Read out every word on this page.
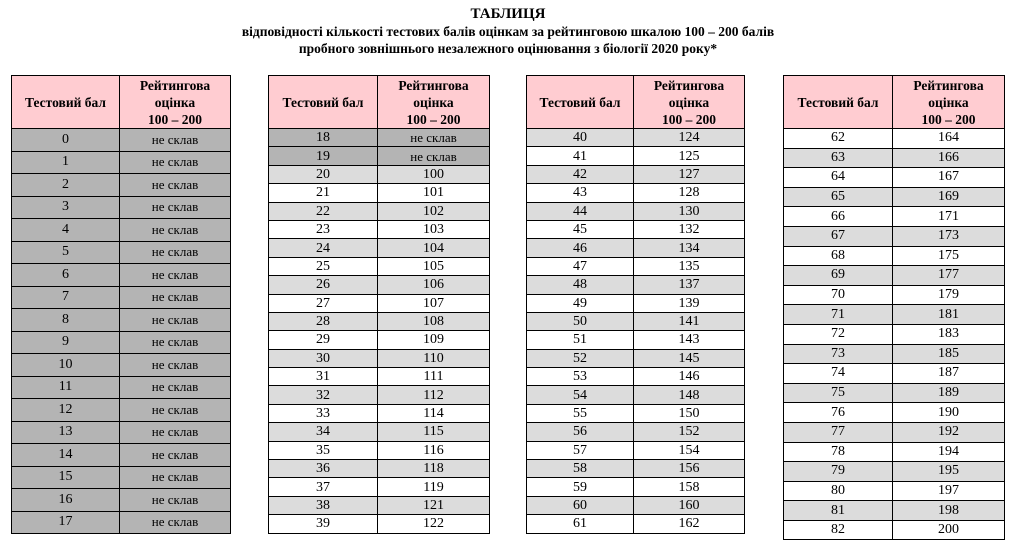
ТАБЛИЦЯ
відповідності кількості тестових балів оцінкам за рейтинговою шкалою 100 – 200 балів
пробного зовнішнього незалежного оцінювання з біології 2020 року*
Тестовий бал	Рейтингова
оцінка
100 – 200

0	не склав
1	не склав
2	не склав
3	не склав
4	не склав
5	не склав
6	не склав
7	не склав
8	не склав
9	не склав
10	не склав
11	не склав
12	не склав
13	не склав
14	не склав
15	не склав
16	не склав
17	не склав
Тестовий бал	Рейтингова
оцінка
100 – 200

18	не склав
19	не склав
20	100
21	101
22	102
23	103
24	104
25	105
26	106
27	107
28	108
29	109
30	110
31	111
32	112
33	114
34	115
35	116
36	118
37	119
38	121
39	122
Тестовий бал	Рейтингова
оцінка
100 – 200

40	124
41	125
42	127
43	128
44	130
45	132
46	134
47	135
48	137
49	139
50	141
51	143
52	145
53	146
54	148
55	150
56	152
57	154
58	156
59	158
60	160
61	162
Тестовий бал	Рейтингова
оцінка
100 – 200

62	164
63	166
64	167
65	169
66	171
67	173
68	175
69	177
70	179
71	181
72	183
73	185
74	187
75	189
76	190
77	192
78	194
79	195
80	197
81	198
82	200
